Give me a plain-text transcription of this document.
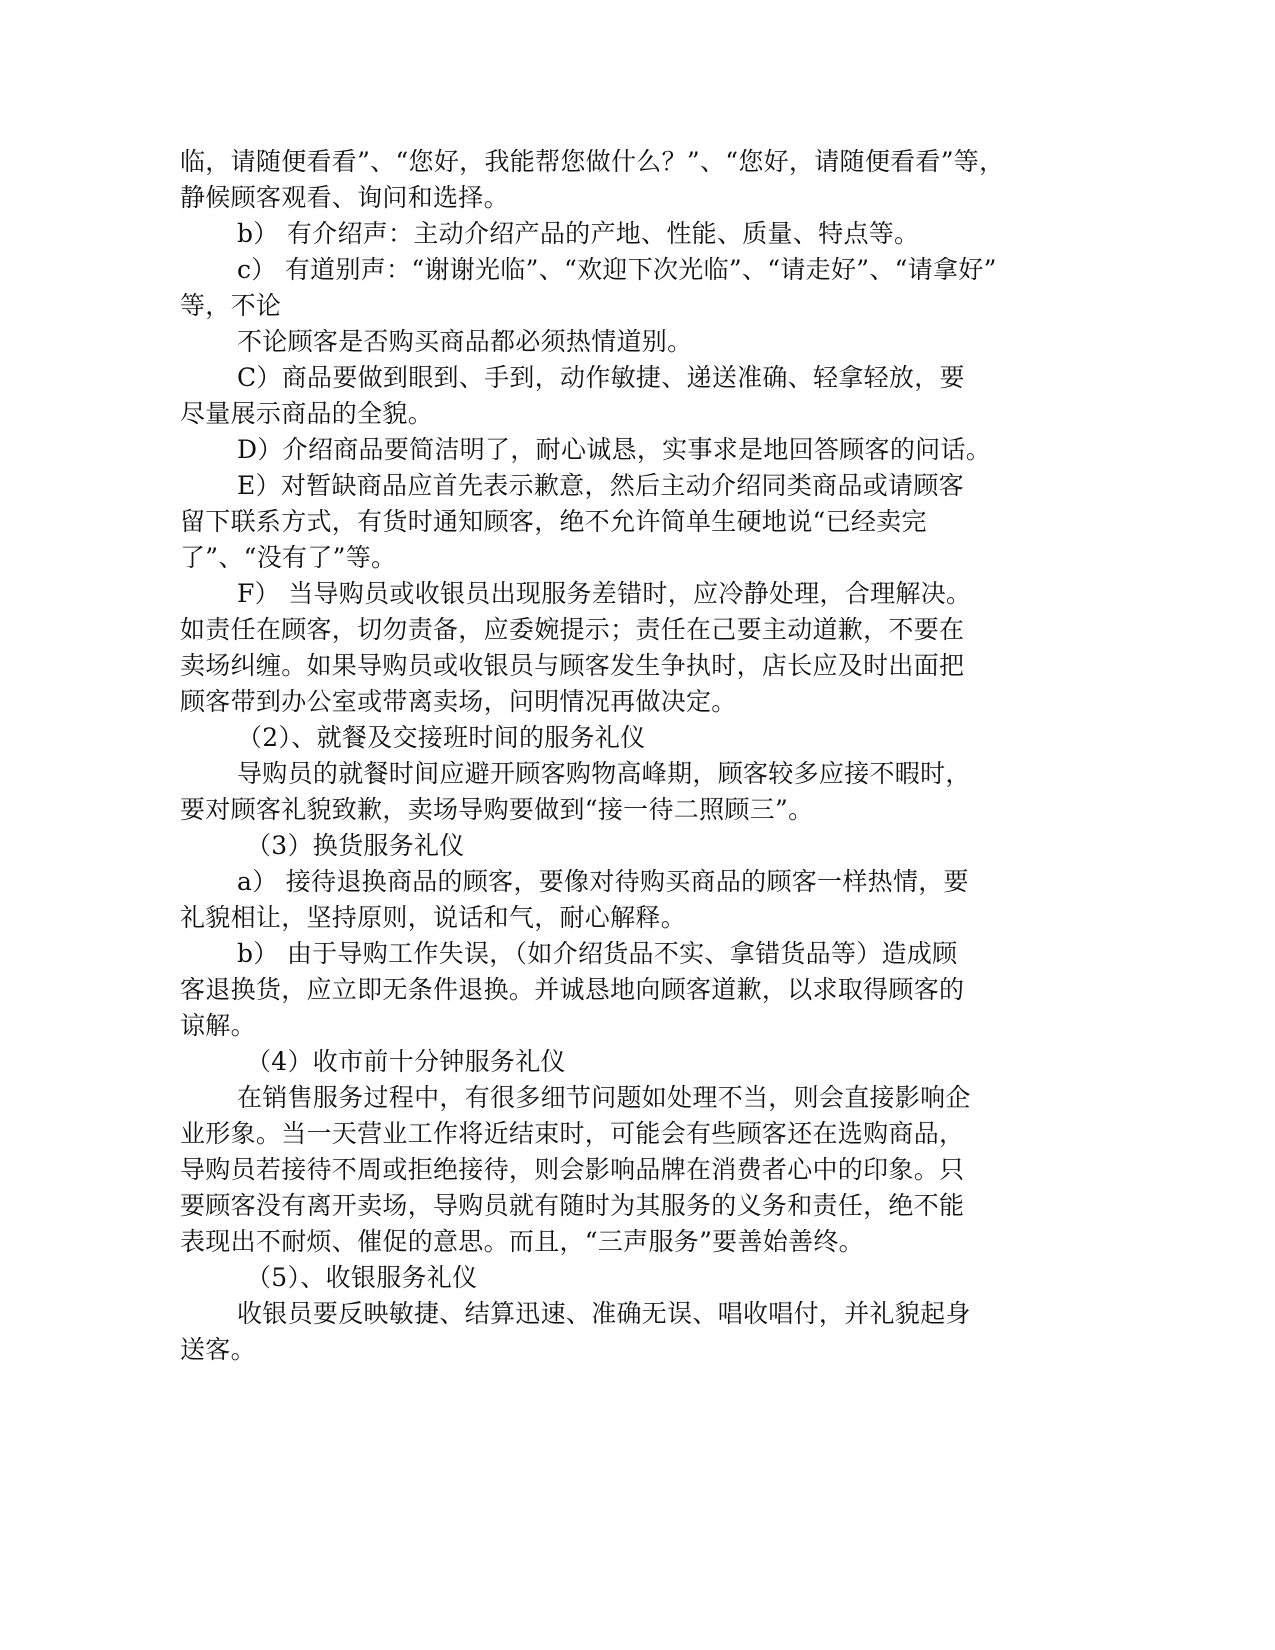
临，请随便看看”、“您好，我能帮您做什么？”、“您好，请随便看看”等，
静候顾客观看、询问和选择。
b） 有介绍声：主动介绍产品的产地、性能、质量、特点等。
c） 有道别声：“谢谢光临”、“欢迎下次光临”、“请走好”、“请拿好”
等，不论
不论顾客是否购买商品都必须热情道别。
C）商品要做到眼到、手到，动作敏捷、递送准确、轻拿轻放，要
尽量展示商品的全貌。
D）介绍商品要简洁明了，耐心诚恳，实事求是地回答顾客的问话。
E）对暂缺商品应首先表示歉意，然后主动介绍同类商品或请顾客
留下联系方式，有货时通知顾客，绝不允许简单生硬地说“已经卖完
了”、“没有了”等。
F） 当导购员或收银员出现服务差错时，应冷静处理，合理解决。
如责任在顾客，切勿责备，应委婉提示；责任在己要主动道歉，不要在
卖场纠缠。如果导购员或收银员与顾客发生争执时，店长应及时出面把
顾客带到办公室或带离卖场，问明情况再做决定。
（2）、就餐及交接班时间的服务礼仪
导购员的就餐时间应避开顾客购物高峰期，顾客较多应接不暇时，
要对顾客礼貌致歉，卖场导购要做到“接一待二照顾三”。
（3）换货服务礼仪
a） 接待退换商品的顾客，要像对待购买商品的顾客一样热情，要
礼貌相让，坚持原则，说话和气，耐心解释。
b） 由于导购工作失误，（如介绍货品不实、拿错货品等）造成顾
客退换货，应立即无条件退换。并诚恳地向顾客道歉，以求取得顾客的
谅解。
（4）收市前十分钟服务礼仪
在销售服务过程中，有很多细节问题如处理不当，则会直接影响企
业形象。当一天营业工作将近结束时，可能会有些顾客还在选购商品，
导购员若接待不周或拒绝接待，则会影响品牌在消费者心中的印象。只
要顾客没有离开卖场，导购员就有随时为其服务的义务和责任，绝不能
表现出不耐烦、催促的意思。而且，“三声服务”要善始善终。
（5）、收银服务礼仪
收银员要反映敏捷、结算迅速、准确无误、唱收唱付，并礼貌起身
送客。
